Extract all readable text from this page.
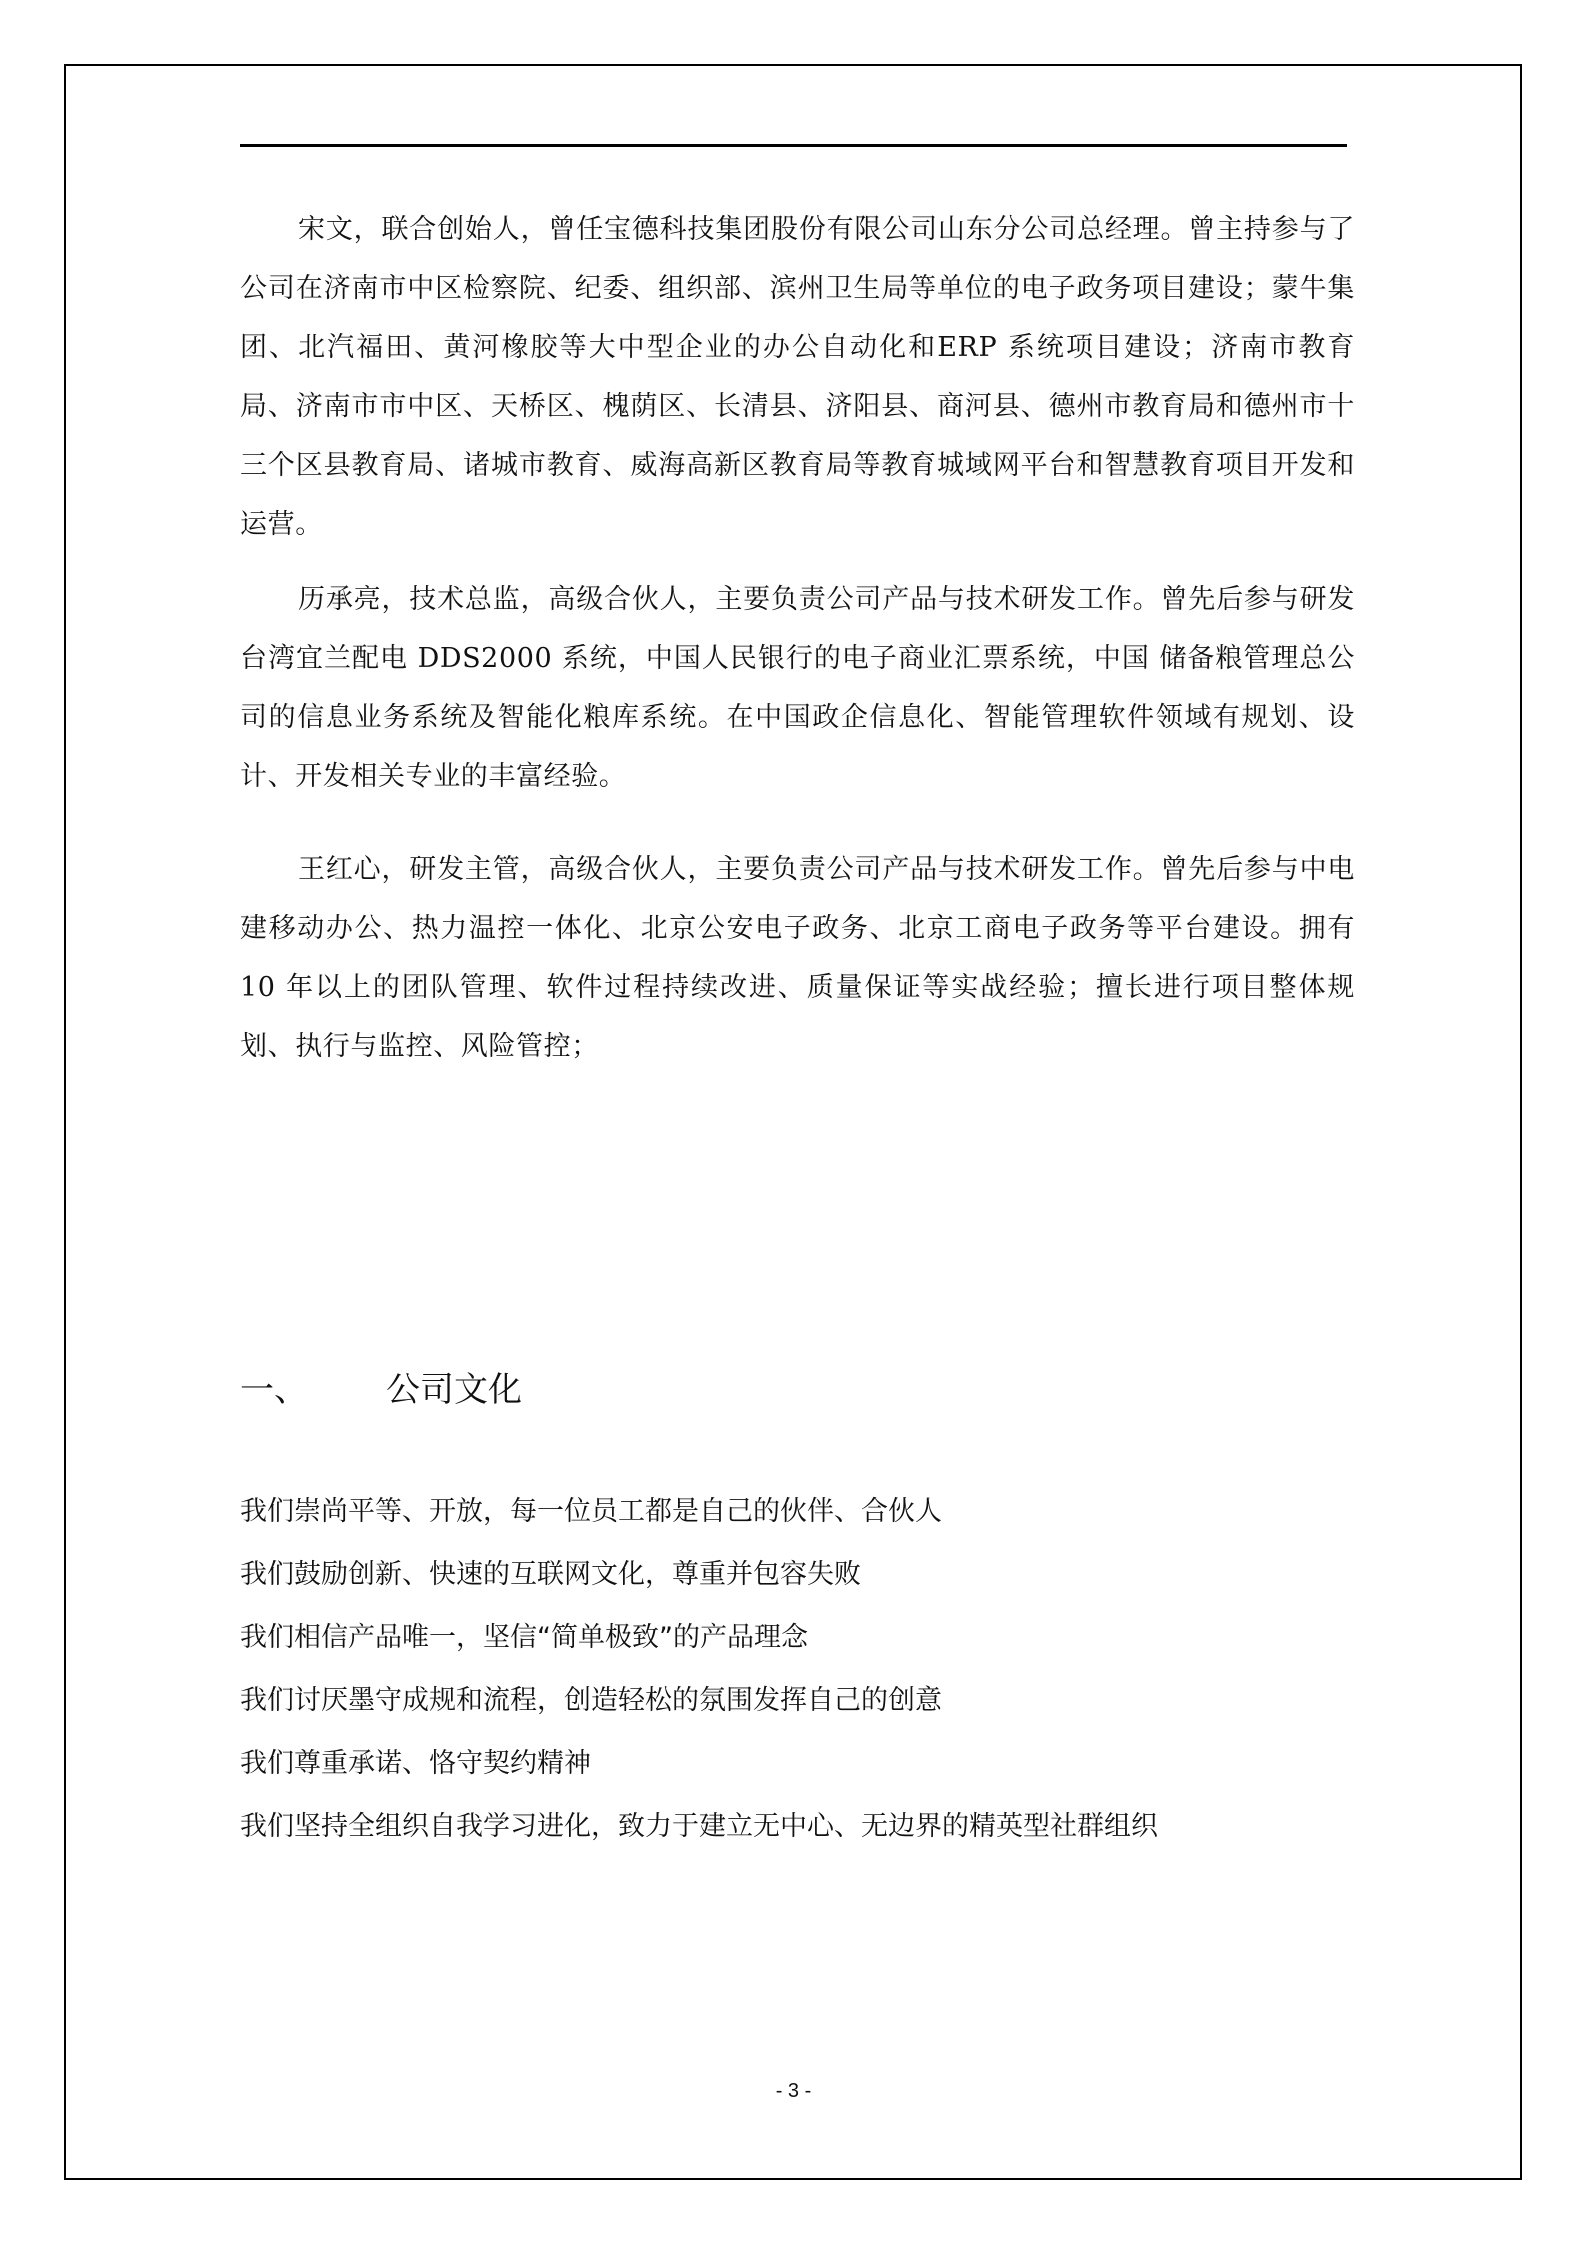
宋文，联合创始人，曾任宝德科技集团股份有限公司山东分公司总经理。曾主持参与了公司在济南市中区检察院、纪委、组织部、滨州卫生局等单位的电子政务项目建设；蒙牛集团、北汽福田、黄河橡胶等大中型企业的办公自动化和ERP 系统项目建设；济南市教育局、济南市市中区、天桥区、槐荫区、长清县、济阳县、商河县、德州市教育局和德州市十三个区县教育局、诸城市教育、威海高新区教育局等教育城域网平台和智慧教育项目开发和运营。

历承亮，技术总监，高级合伙人，主要负责公司产品与技术研发工作。曾先后参与研发台湾宜兰配电 DDS2000 系统，中国人民银行的电子商业汇票系统，中国 储备粮管理总公司的信息业务系统及智能化粮库系统。在中国政企信息化、智能管理软件领域有规划、设计、开发相关专业的丰富经验。

王红心，研发主管，高级合伙人，主要负责公司产品与技术研发工作。曾先后参与中电建移动办公、热力温控一体化、北京公安电子政务、北京工商电子政务等平台建设。拥有 10 年以上的团队管理、软件过程持续改进、质量保证等实战经验；擅长进行项目整体规划、执行与监控、风险管控；

一、 公司文化
我们崇尚平等、开放，每一位员工都是自己的伙伴、合伙人
我们鼓励创新、快速的互联网文化，尊重并包容失败
我们相信产品唯一，坚信“简单极致”的产品理念
我们讨厌墨守成规和流程，创造轻松的氛围发挥自己的创意
我们尊重承诺、恪守契约精神
我们坚持全组织自我学习进化，致力于建立无中心、无边界的精英型社群组织
- 3 -
